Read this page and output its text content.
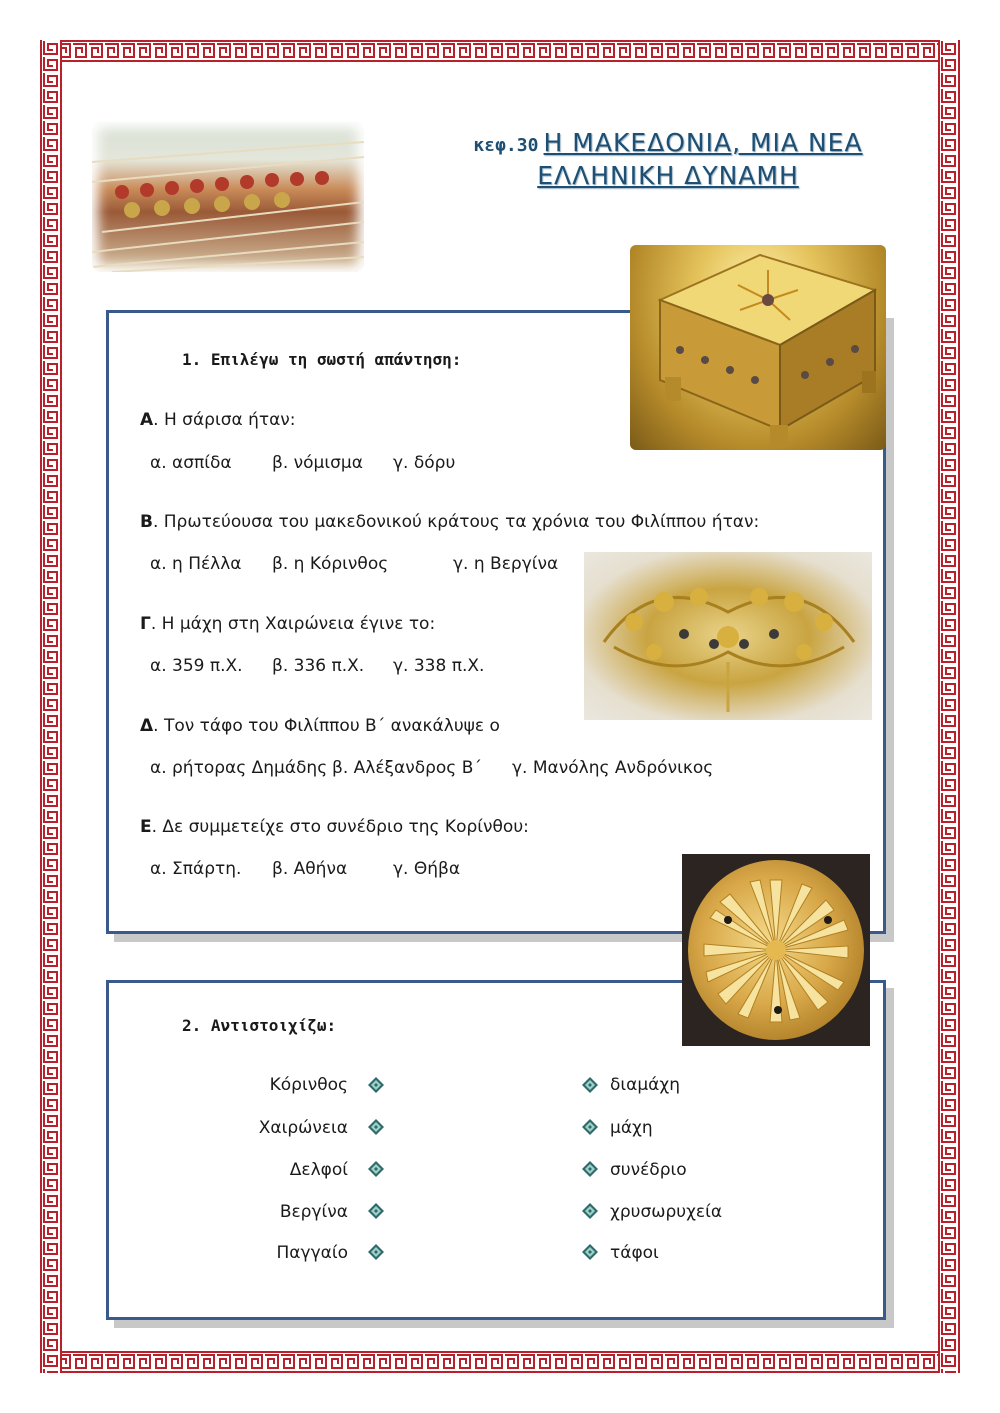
κεφ.30 Η ΜΑΚΕΔΟΝΙΑ, ΜΙΑ ΝΕΑ
ΕΛΛΗΝΙΚΗ ΔΥΝΑΜΗ
1. Επιλέγω τη σωστή απάντηση:
Α. Η σάρισα ήταν:
α. ασπίδα β. νόμισμα γ. δόρυ
Β. Πρωτεύουσα του μακεδονικού κράτους τα χρόνια του Φιλίππου ήταν:
α. η Πέλλα β. η Κόρινθος	γ. η Βεργίνα
Γ. Η μάχη στη Χαιρώνεια έγινε το:
α. 359 π.Χ. β. 336 π.Χ. γ. 338 π.Χ.
Δ. Τον τάφο του Φιλίππου Β΄ ανακάλυψε ο
α. ρήτορας Δημάδης β. Αλέξανδρος Β΄ γ. Μανόλης Ανδρόνικος
Ε. Δε συμμετείχε στο συνέδριο της Κορίνθου:
α. Σπάρτη. β. Αθήνα	γ. Θήβα
2. Αντιστοιχίζω:
Κόρινθος
Χαιρώνεια
Δελφοί
Βεργίνα
Παγγαίο
διαμάχη
μάχη
συνέδριο
χρυσωρυχεία
τάφοι
